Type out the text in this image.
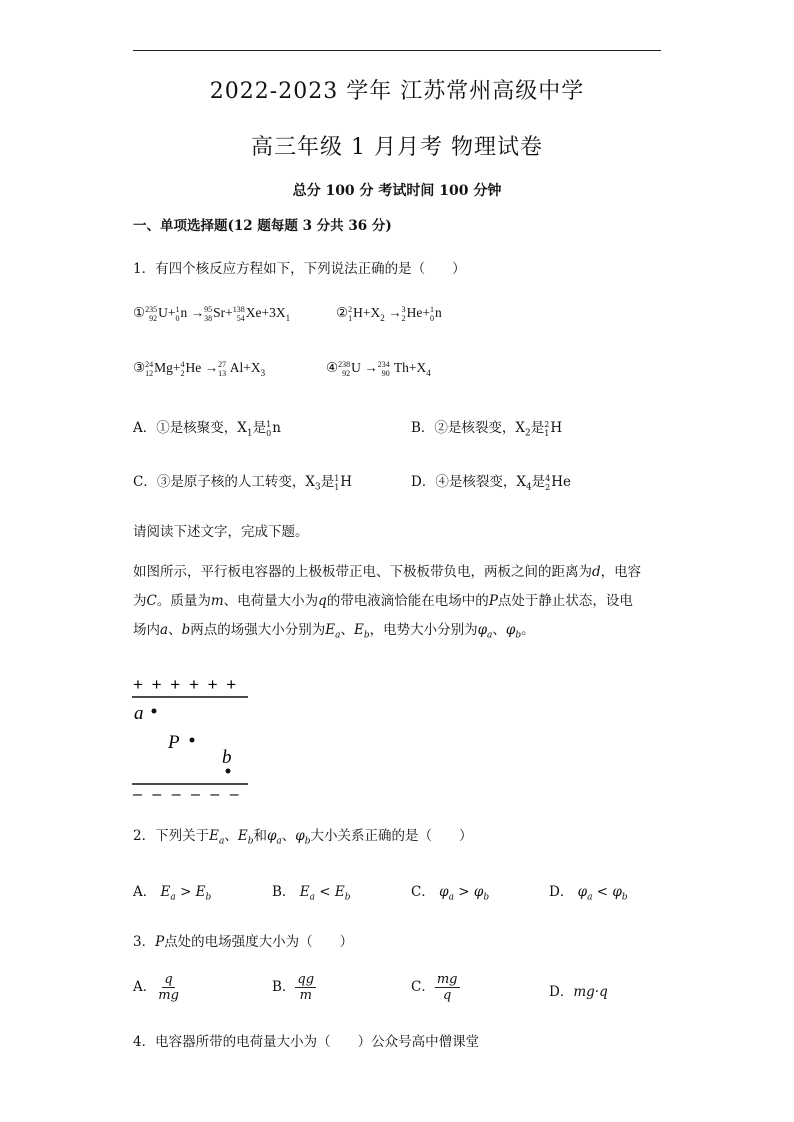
2022-2023 学年 江苏常州高级中学
高三年级 1 月月考 物理试卷
总分 100 分 考试时间 100 分钟
一、单项选择题(12 题每题 3 分共 36 分)
1．有四个核反应方程如下，下列说法正确的是（　　）
① 235
92 U+ 1
0 n → 95
38 Sr+ 138
54 $Xe+3X_1$	② 2
1 $H+X_2 \to 3$
2 He+ 1
0 n
③ 24
12 Mg+ 4
2 He → 27
13 $Al+X_3$	④ 238
92 U → 234
90 $Th+X_4$
A．①是核聚变，$X_1$是 1
0 n	B．②是核裂变，$X_2$是 2
1 H
C．③是原子核的人工转变，$X_3$是 1
1 H	D．④是核裂变，$X_4$是 4
2 He
请阅读下述文字，完成下题。
如图所示，平行板电容器的上极板带正电、下极板带负电，两板之间的距离为d，电容
为C。质量为m、电荷量大小为q的带电液滴恰能在电场中的P点处于静止状态，设电
场内a、b两点的场强大小分别为$E_a$、$E_b$，电势大小分别为$\varphi_a$、$\varphi_b$。
+ + + + + +
a
P
b
– – – – – –
2．下列关于$E_a$、$E_b$和$\varphi_a$、$\varphi_b$大小关系正确的是（　　）
A． $E_a > E_b$	B． $E_a < E_b$	C． $\varphi_a > \varphi_b$	D． $\varphi_a < \varphi_b$
3．P点处的电场强度大小为（　　）
A． $\frac{q}{mg}$	B． $\frac{qg}{m}$	C． $\frac{mg}{q}$	D．mg·q
4．电容器所带的电荷量大小为（　　）公众号高中僧课堂
